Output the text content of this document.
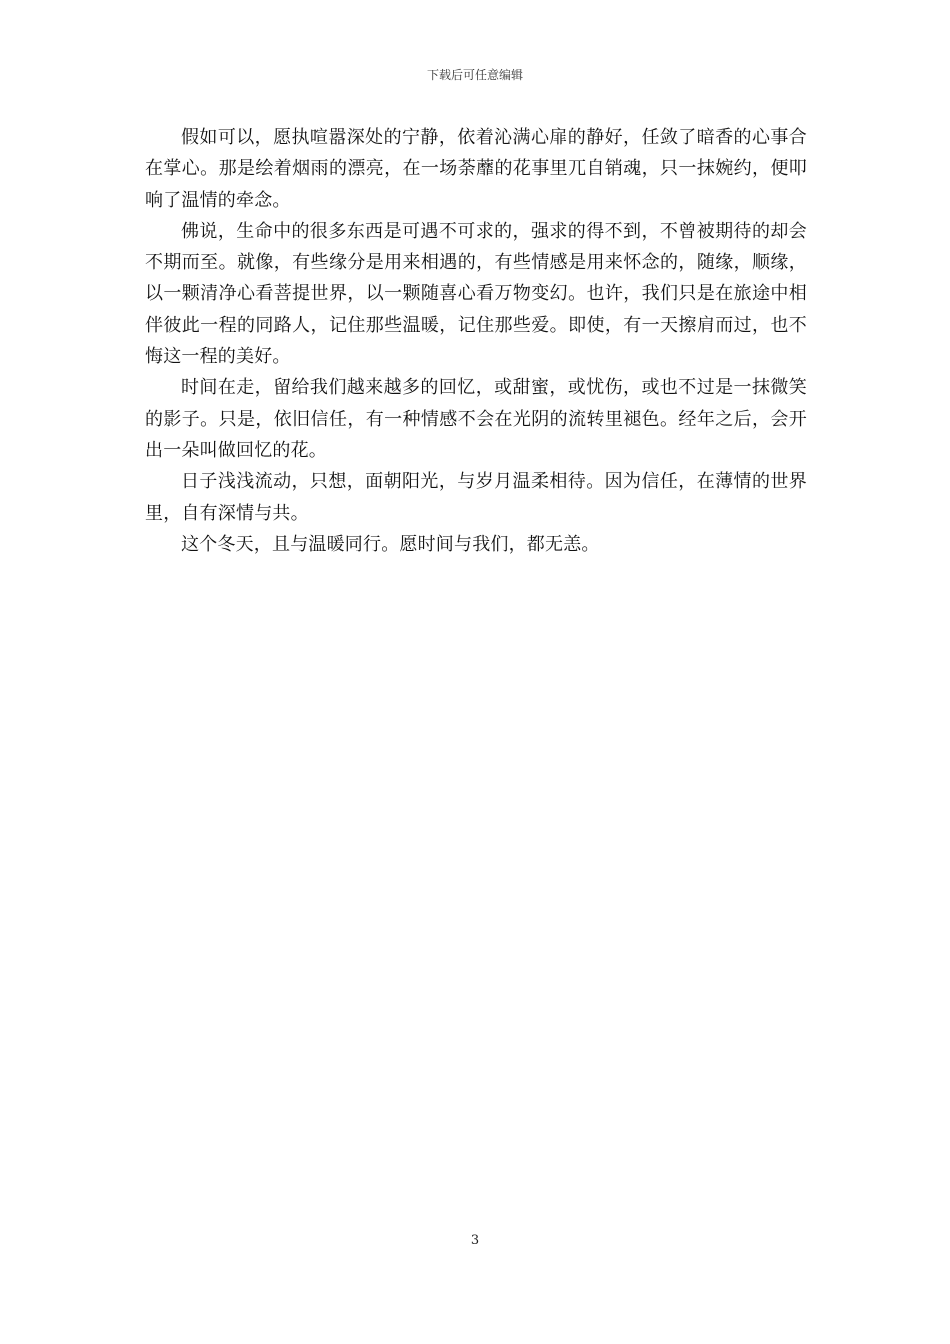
下载后可任意编辑

假如可以，愿执喧嚣深处的宁静，依着沁满心扉的静好，任敛了暗香的心事合在掌心。那是绘着烟雨的漂亮，在一场荼蘼的花事里兀自销魂，只一抹婉约，便叩响了温情的牵念。

佛说，生命中的很多东西是可遇不可求的，强求的得不到，不曾被期待的却会不期而至。就像，有些缘分是用来相遇的，有些情感是用来怀念的，随缘，顺缘，以一颗清净心看菩提世界，以一颗随喜心看万物变幻。也许，我们只是在旅途中相伴彼此一程的同路人，记住那些温暖，记住那些爱。即使，有一天擦肩而过，也不悔这一程的美好。

时间在走，留给我们越来越多的回忆，或甜蜜，或忧伤，或也不过是一抹微笑的影子。只是，依旧信任，有一种情感不会在光阴的流转里褪色。经年之后，会开出一朵叫做回忆的花。

日子浅浅流动，只想，面朝阳光，与岁月温柔相待。因为信任，在薄情的世界里，自有深情与共。

这个冬天，且与温暖同行。愿时间与我们，都无恙。

3
